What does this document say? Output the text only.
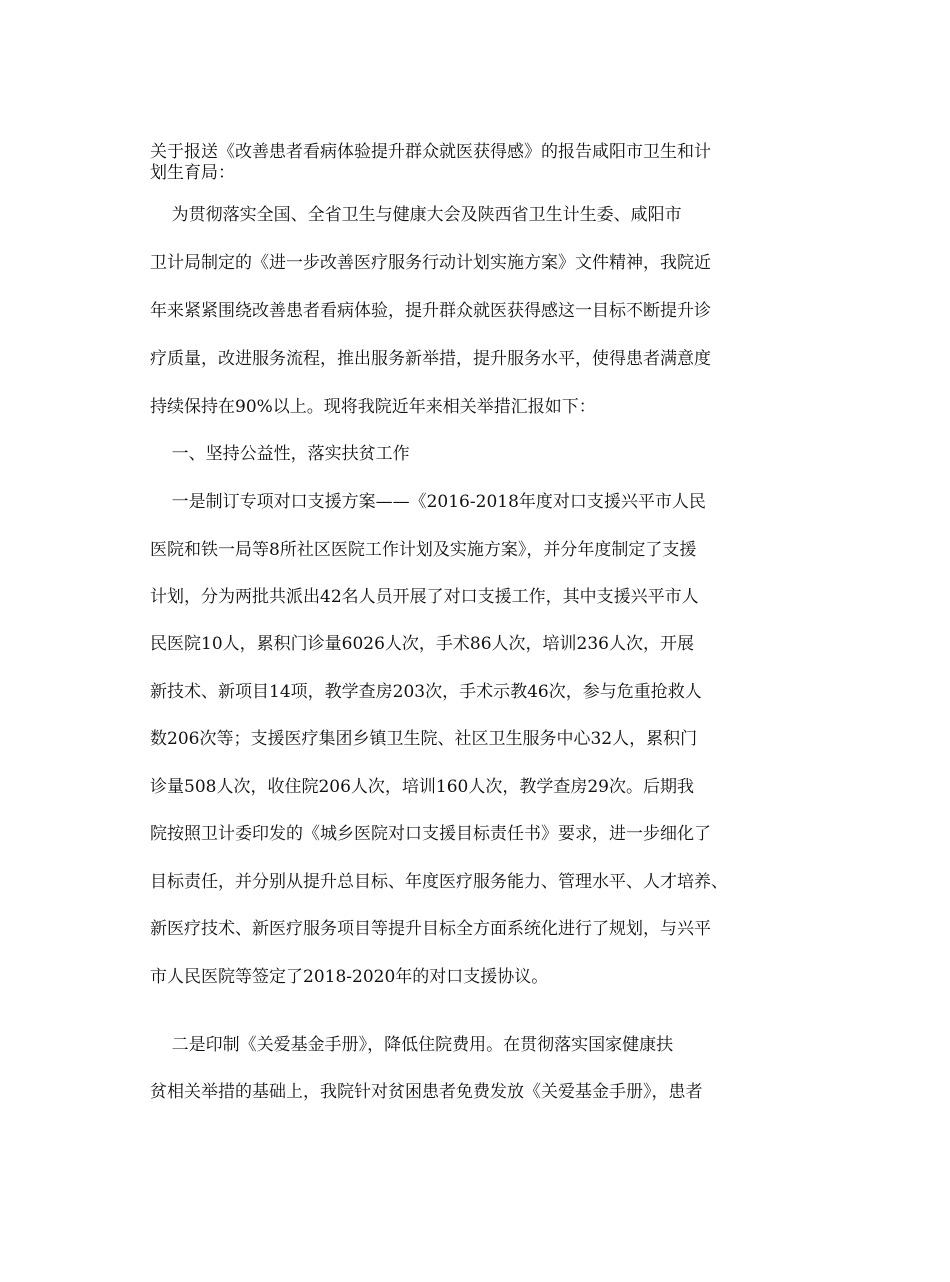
关于报送《改善患者看病体验提升群众就医获得感》的报告咸阳市卫生和计
划生育局：
为贯彻落实全国、全省卫生与健康大会及陕西省卫生计生委、咸阳市
卫计局制定的《进一步改善医疗服务行动计划实施方案》文件精神，我院近
年来紧紧围绕改善患者看病体验，提升群众就医获得感这一目标不断提升诊
疗质量，改进服务流程，推出服务新举措，提升服务水平，使得患者满意度
持续保持在90%以上。现将我院近年来相关举措汇报如下：
一、坚持公益性，落实扶贫工作
一是制订专项对口支援方案——《2016-2018年度对口支援兴平市人民
医院和铁一局等8所社区医院工作计划及实施方案》，并分年度制定了支援
计划，分为两批共派出42名人员开展了对口支援工作，其中支援兴平市人
民医院10人，累积门诊量6026人次，手术86人次，培训236人次，开展
新技术、新项目14项，教学查房203次，手术示教46次，参与危重抢救人
数206次等；支援医疗集团乡镇卫生院、社区卫生服务中心32人，累积门
诊量508人次，收住院206人次，培训160人次，教学查房29次。后期我
院按照卫计委印发的《城乡医院对口支援目标责任书》要求，进一步细化了
目标责任，并分别从提升总目标、年度医疗服务能力、管理水平、人才培养、
新医疗技术、新医疗服务项目等提升目标全方面系统化进行了规划，与兴平
市人民医院等签定了2018-2020年的对口支援协议。
二是印制《关爱基金手册》，降低住院费用。在贯彻落实国家健康扶
贫相关举措的基础上，我院针对贫困患者免费发放《关爱基金手册》，患者
